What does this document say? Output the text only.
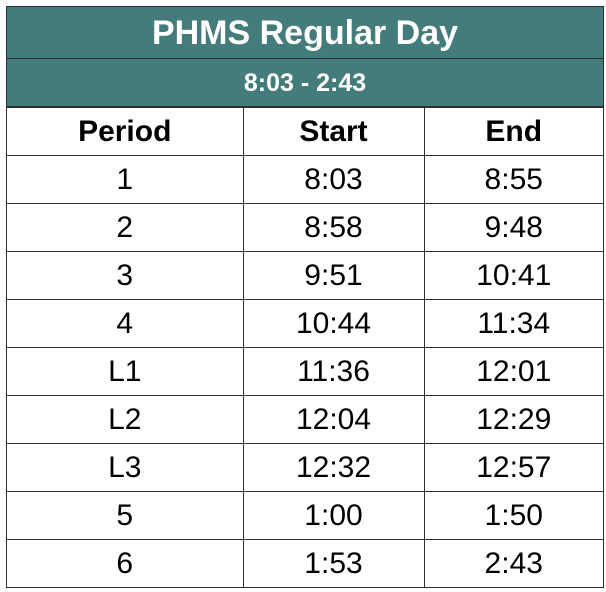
PHMS Regular Day
8:03 - 2:43
Period	Start	End
1	8:03	8:55
2	8:58	9:48
3	9:51	10:41
4	10:44	11:34
L1	11:36	12:01
L2	12:04	12:29
L3	12:32	12:57
5	1:00	1:50
6	1:53	2:43
